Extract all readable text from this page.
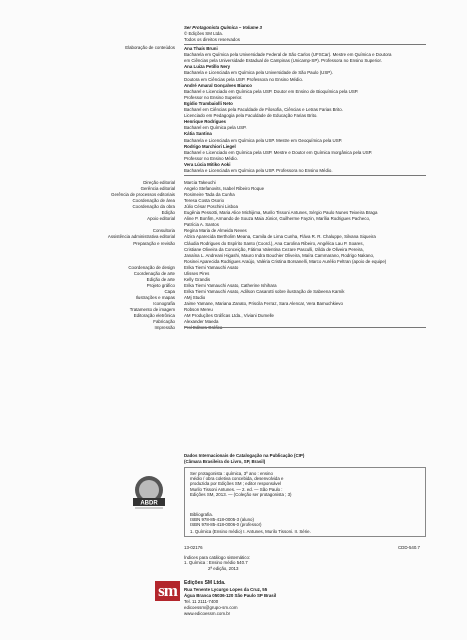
Ser Protagonista Química – Volume 3
© Edições SM Ltda.
Todos os direitos reservados
Elaboração de conteúdos Ana Thaís Bruni
Bacharela em Química pela Universidade Federal de São Carlos (UFSCar). Mestre em Química e Doutora
em Ciências pela Universidade Estadual de Campinas (Unicamp-SP). Professora no Ensino Superior.
Ana Luiza Petillo Nery
Bacharela e Licenciada em Química pela Universidade de São Paulo (USP).
Doutora em Ciências pela USP. Professora no Ensino Médio.
André Amaral Gonçalves Bianco
Bacharel e Licenciado em Química pela USP. Doutor em Ensino de Bioquímica pela USP.
Professor no Ensino Superior.
Egídio Trambaiolli Neto
Bacharel em Ciências pela Faculdade de Filosofia, Ciências e Letras Farias Brito.
Licenciado em Pedagogia pela Faculdade de Educação Farias Brito.
Henrique Rodrigues
Bacharel em Química pela USP.
Kátia Santina
Bacharela e Licenciada em Química pela USP. Mestre em Geoquímica pela USP.
Rodrigo Marchiori Liegel
Bacharel e Licenciado em Química pela USP. Mestre e Doutor em Química Inorgânica pela USP.
Professor no Ensino Médio.
Vera Lúcia Mitiko Aoki
Bacharela e Licenciada em Química pela USP. Professora no Ensino Médio.
Direção editorial Marcia Takeuchi
Gerência editorial Angelo Stefanovits, Isabel Ribeiro Roque
Gerência de processos editoriais Rosimeire Tada da Cunha
Coordenação de área Teresa Costa Osorio
Coordenação da obra Júlio César Poschini Lisboa
Edição Eugênia Pessotti, Maria Alice Michijima, Murilo Tissoni Antunes, Sérgio Paulo Nunes Teixeira Braga
Apoio editorial Aline P. Bonfim, Armando de Souza Maia Júnior, Guilherme Fayzin, Marília Rodrigues Pacheco,
Patrícia A. Santos
Consultoria Regina Maria de Almeida Neves
Assistência administrativa editorial Alzira Aparecida Bertholim Meana, Camila de Lima Cunha, Fláva R. R. Chaluppe, Silvana Siqueira
Preparação e revisão Cláudia Rodrigues do Espírito Santo (Coord.), Ana Carolina Ribeiro, Angélica Lau P. Soares,
Cristiane Oliveira da Conceição, Fátima Valentina Cezare Pasculli, Izilda de Oliveira Pereira,
Janaína L. Andreani Higashi, Mauro Indra Bouchier Oliveira, Maíra Cammarano, Rodrigo Nakano,
Rosinei Aparecida Rodrigues Araújo, Valéria Cristina Borsanelli, Marco Aurélio Feltran (apoio de equipe)
Coordenação de design Erika Tiemi Yamauchi Asato
Coordenação de arte Ulisses Pires
Edição de arte Kelly Grandis
Projeto gráfico Erika Tiemi Yamauchi Asato, Catherine Ishihara
Capa Erika Tiemi Yamauchi Asato, Adilson Casarotti sobre ilustração de Sabeena Karnik
Ilustrações e mapas AMj Studio
Iconografia Jaime Yamane, Mariana Zanato, Priscila Ferraz, Sara Alencar, Vera Bamuchkievo
Tratamento de imagem Robson Mereu
Editoração eletrônica AM Produções Gráficas Ltda., Viviani Dumelle
Fabricação Alexander Maeda
Impressão Prol Editora Gráfica
ABDR
Dados Internacionais de Catalogação na Publicação (CIP)
(Câmara Brasileira do Livro, SP, Brasil)
Ser protagonista : química, 3º ano : ensino
médio / obra coletiva concebida, desenvolvida e
produzida por Edições SM ; editor responsável
Murilo Tissoni Antunes. — 2. ed. — São Paulo :
Edições SM, 2013. — (Coleção ser protagonista ; 3)
Bibliografia.
ISBN 978-85-418-0005-3 (aluno)
ISBN 978-85-418-0006-0 (professor)
1. Química (Ensino médio) I. Antunes, Murilo Tissoni. II. Série.
13-02176	CDD-540.7
Índices para catálogo sistemático:
1. Química : Ensino médio 540.7
2ª edição, 2013
sm	Edições SM Ltda.
Rua Tenente Lycurgo Lopes da Cruz, 55
Água Branca 05036-120 São Paulo SP Brasil
Tel. 11 2111-7400
edicoessm@grupo-sm.com
www.edicoessm.com.br
